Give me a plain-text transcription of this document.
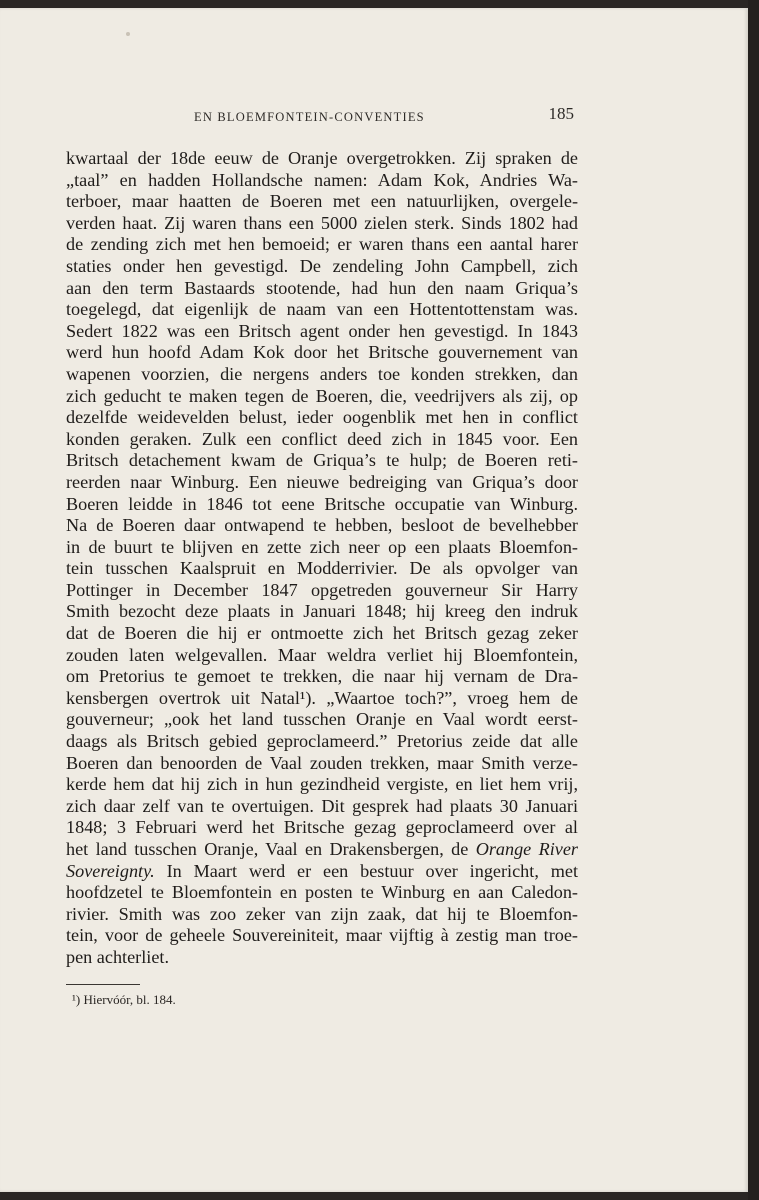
EN BLOEMFONTEIN-CONVENTIES	185
kwartaal der 18de eeuw de Oranje overgetrokken. Zij spraken de
„taal” en hadden Hollandsche namen: Adam Kok, Andries Wa-
terboer, maar haatten de Boeren met een natuurlijken, overgele-
verden haat. Zij waren thans een 5000 zielen sterk. Sinds 1802 had
de zending zich met hen bemoeid; er waren thans een aantal harer
staties onder hen gevestigd. De zendeling John Campbell, zich
aan den term Bastaards stootende, had hun den naam Griqua’s
toegelegd, dat eigenlijk de naam van een Hottentottenstam was.
Sedert 1822 was een Britsch agent onder hen gevestigd. In 1843
werd hun hoofd Adam Kok door het Britsche gouvernement van
wapenen voorzien, die nergens anders toe konden strekken, dan
zich geducht te maken tegen de Boeren, die, veedrijvers als zij, op
dezelfde weidevelden belust, ieder oogenblik met hen in conflict
konden geraken. Zulk een conflict deed zich in 1845 voor. Een
Britsch detachement kwam de Griqua’s te hulp; de Boeren reti-
reerden naar Winburg. Een nieuwe bedreiging van Griqua’s door
Boeren leidde in 1846 tot eene Britsche occupatie van Winburg.
Na de Boeren daar ontwapend te hebben, besloot de bevelhebber
in de buurt te blijven en zette zich neer op een plaats Bloemfon-
tein tusschen Kaalspruit en Modderrivier. De als opvolger van
Pottinger in December 1847 opgetreden gouverneur Sir Harry
Smith bezocht deze plaats in Januari 1848; hij kreeg den indruk
dat de Boeren die hij er ontmoette zich het Britsch gezag zeker
zouden laten welgevallen. Maar weldra verliet hij Bloemfontein,
om Pretorius te gemoet te trekken, die naar hij vernam de Dra-
kensbergen overtrok uit Natal¹). „Waartoe toch?”, vroeg hem de
gouverneur; „ook het land tusschen Oranje en Vaal wordt eerst-
daags als Britsch gebied geproclameerd.” Pretorius zeide dat alle
Boeren dan benoorden de Vaal zouden trekken, maar Smith verze-
kerde hem dat hij zich in hun gezindheid vergiste, en liet hem vrij,
zich daar zelf van te overtuigen. Dit gesprek had plaats 30 Januari
1848; 3 Februari werd het Britsche gezag geproclameerd over al
het land tusschen Oranje, Vaal en Drakensbergen, de Orange River
Sovereignty. In Maart werd er een bestuur over ingericht, met
hoofdzetel te Bloemfontein en posten te Winburg en aan Caledon-
rivier. Smith was zoo zeker van zijn zaak, dat hij te Bloemfon-
tein, voor de geheele Souvereiniteit, maar vijftig à zestig man troe-
pen achterliet.
¹) Hiervóór, bl. 184.
